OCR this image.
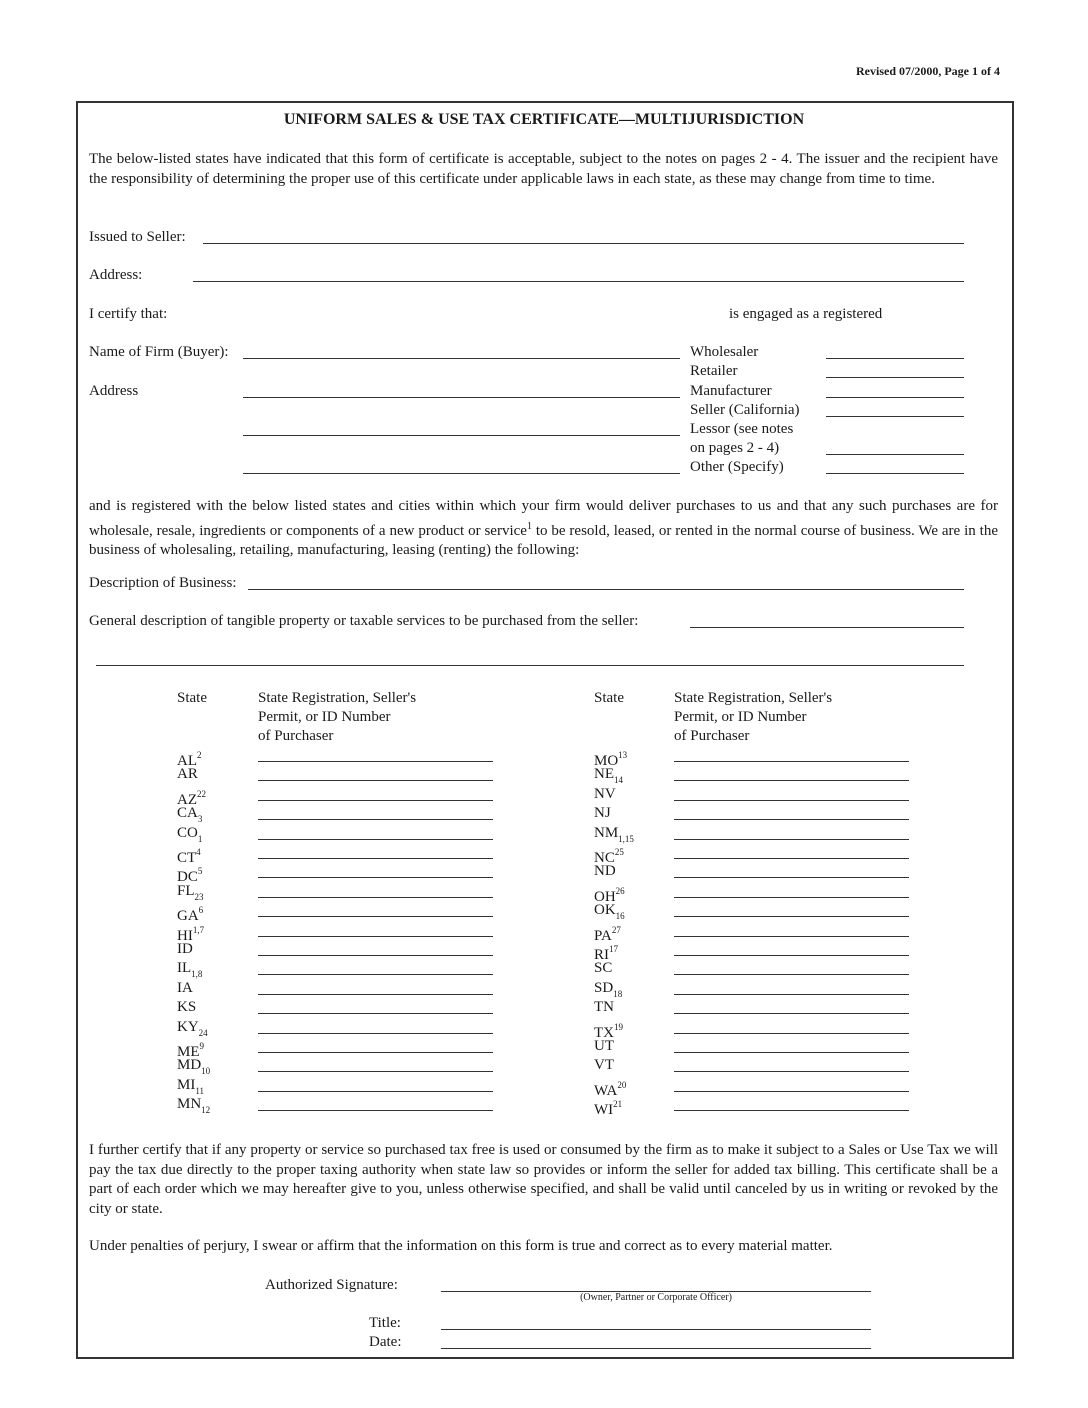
Revised 07/2000, Page 1 of 4
UNIFORM SALES & USE TAX CERTIFICATE—MULTIJURISDICTION
The below-listed states have indicated that this form of certificate is acceptable, subject to the notes on pages 2 - 4. The issuer and the recipient have the responsibility of determining the proper use of this certificate under applicable laws in each state, as these may change from time to time.
Issued to Seller:
Address:
I certify that:	is engaged as a registered
Name of Firm (Buyer):
Address
Wholesaler
Retailer
Manufacturer
Seller (California)
Lessor (see notes
on pages 2 - 4)
Other (Specify)
and is registered with the below listed states and cities within which your firm would deliver purchases to us and that any such purchases are for wholesale, resale, ingredients or components of a new product or service$^1$ to be resold, leased, or rented in the normal course of business. We are in the business of wholesaling, retailing, manufacturing, leasing (renting) the following:
Description of Business:
General description of tangible property or taxable services to be purchased from the seller:
State	State Registration, Seller's
Permit, or ID Number
of Purchaser
State	State Registration, Seller's
Permit, or ID Number
of Purchaser
$AL^2$
AR
AZ$^{22}$
$CA_3$
$CO_1$
$CT^4$
$DC^5$
$FL_{23}$
$GA^6$
HI$^{1,7}$
ID
$IL_{1,8}$
IA
KS
$KY_{24}$
$ME^9$
$MD_{10}$
$MI_{11}$
$MN_{12}$
MO$^{13}$
$NE_{14}$
NV
NJ
$NM_{1,15}$
NC$^{25}$
ND
OH$^{26}$
$OK_{16}$
PA$^{27}$
RI$^{17}$
SC
$SD_{18}$
TN
TX$^{19}$
UT
VT
WA$^{20}$
WI$^{21}$
I further certify that if any property or service so purchased tax free is used or consumed by the firm as to make it subject to a Sales or Use Tax we will pay the tax due directly to the proper taxing authority when state law so provides or inform the seller for added tax billing. This certificate shall be a part of each order which we may hereafter give to you, unless otherwise specified, and shall be valid until canceled by us in writing or revoked by the city or state.
Under penalties of perjury, I swear or affirm that the information on this form is true and correct as to every material matter.
Authorized Signature:
(Owner, Partner or Corporate Officer)
Title:
Date:
